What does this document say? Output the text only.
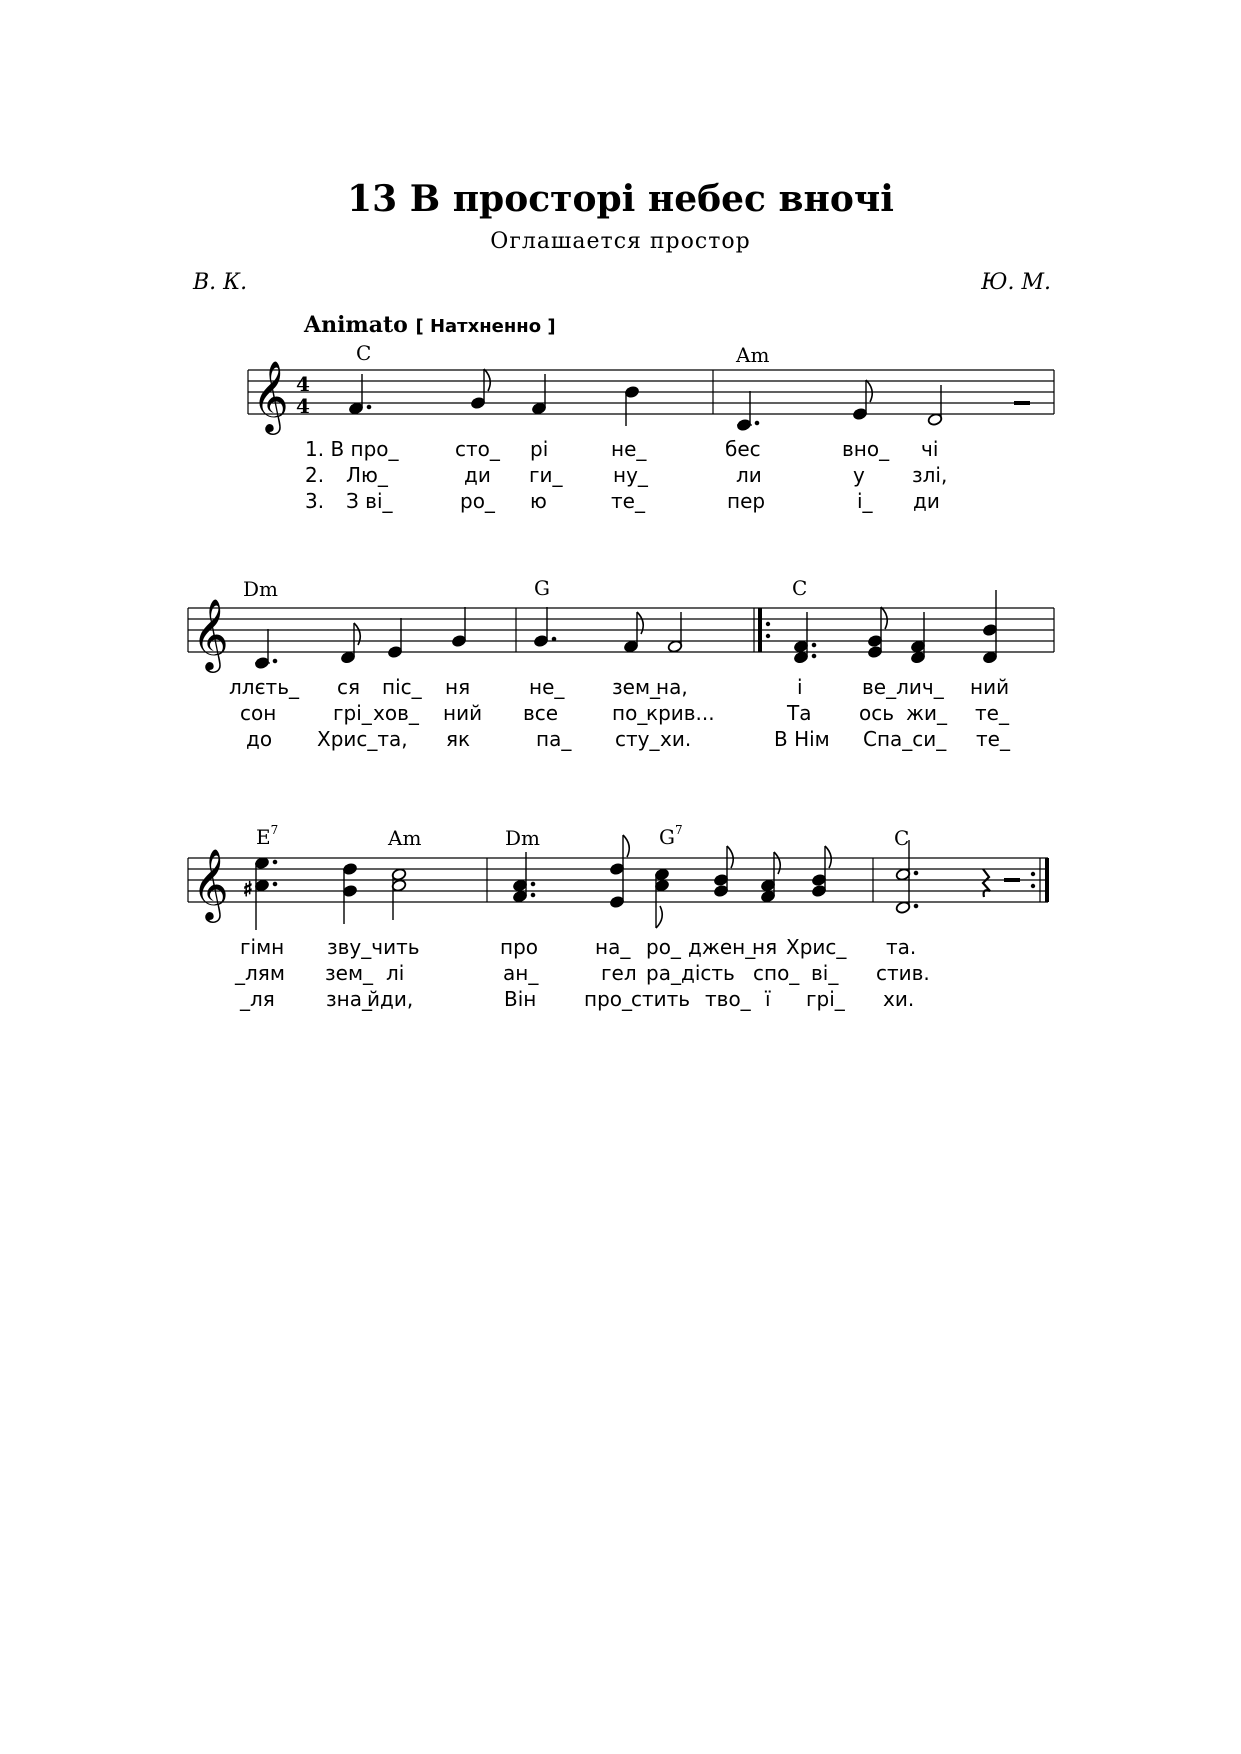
13 В просторі небес вночі
Оглашается простор
В. К.	Ю. М.
Animato [ Натхненно ]
C	Am
𝄞 4
4
𝄞
𝄞 ♯
1. В про_	сто_ рі	не_	бес	вно_ чі
2. Лю_	ди ги_	ну_	ли	у злі,
3. З ві_	ро_ ю	те_	пер	і_ ди
Dm	G	C
ллєть_ ся піс_ ня	не_ зем_
на,	і	ве_лич_ ний
сон	грі_ хов_ ний все	по_
крив...	Та ось жи_ те_
до Хрис_та, як	па_ сту_ хи.	В Нім Спа_си_ те_
$E^7$	Am	Dm	$G^7$	C
гімн зву_чить	про	на_ ро_ джен_
ня Хрис_ та.
_лям зем_ лі	ан_	гел ра_ дість спо_ ві_ стив.
_ля	зна_
йди,	Він про_
стить тво_ ї грі_ хи.
